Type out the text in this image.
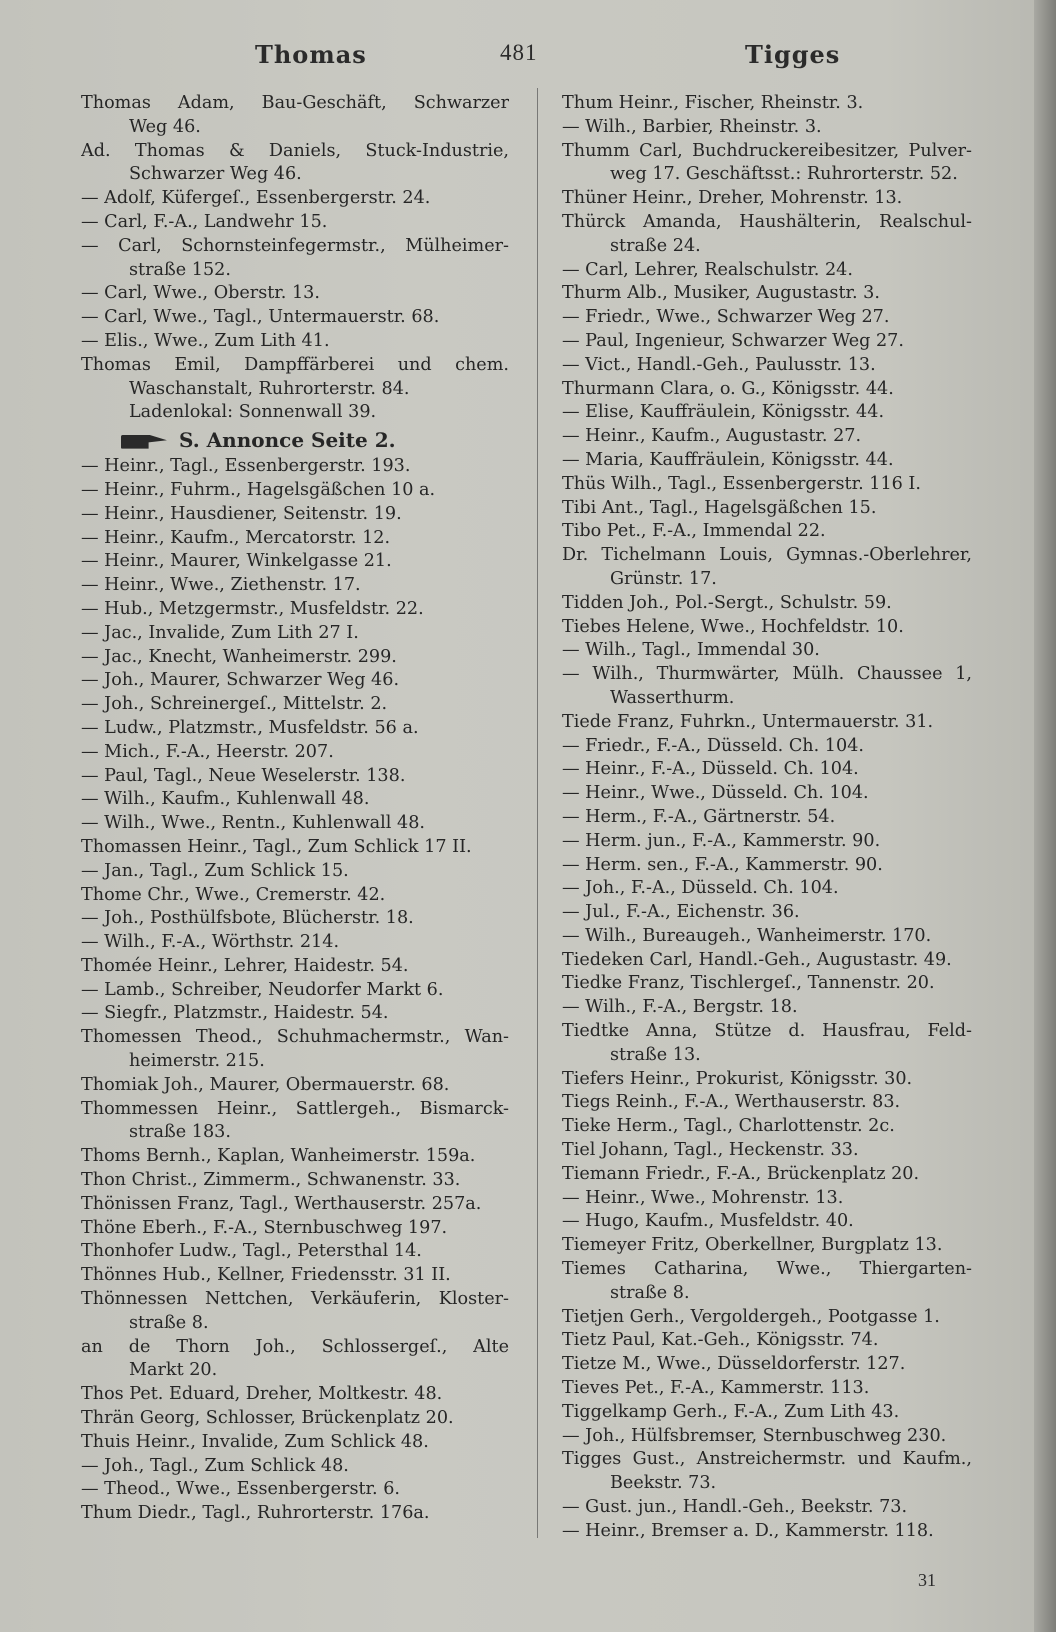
Thomas	481	Tigges
Thomas Adam, Bau-Geschäft, Schwarzer
Weg 46.
Ad. Thomas & Daniels, Stuck-Industrie,
Schwarzer Weg 46.
— Adolf, Küfergeſ., Essenbergerstr. 24.
— Carl, F.-A., Landwehr 15.
— Carl, Schornsteinfegermstr., Mülheimer-
straße 152.
— Carl, Wwe., Oberstr. 13.
— Carl, Wwe., Tagl., Untermauerstr. 68.
— Elis., Wwe., Zum Lith 41.
Thomas Emil, Dampffärberei und chem.
Waschanstalt, Ruhrorterstr. 84.
Ladenlokal: Sonnenwall 39.
S. Annonce Seite 2.
— Heinr., Tagl., Essenbergerstr. 193.
— Heinr., Fuhrm., Hagelsgäßchen 10 a.
— Heinr., Hausdiener, Seitenstr. 19.
— Heinr., Kaufm., Mercatorstr. 12.
— Heinr., Maurer, Winkelgasse 21.
— Heinr., Wwe., Ziethenstr. 17.
— Hub., Metzgermstr., Musfeldstr. 22.
— Jac., Invalide, Zum Lith 27 I.
— Jac., Knecht, Wanheimerstr. 299.
— Joh., Maurer, Schwarzer Weg 46.
— Joh., Schreinergeſ., Mittelstr. 2.
— Ludw., Platzmstr., Musfeldstr. 56 a.
— Mich., F.-A., Heerstr. 207.
— Paul, Tagl., Neue Weselerstr. 138.
— Wilh., Kaufm., Kuhlenwall 48.
— Wilh., Wwe., Rentn., Kuhlenwall 48.
Thomassen Heinr., Tagl., Zum Schlick 17 II.
— Jan., Tagl., Zum Schlick 15.
Thome Chr., Wwe., Cremerstr. 42.
— Joh., Posthülfsbote, Blücherstr. 18.
— Wilh., F.-A., Wörthstr. 214.
Thomée Heinr., Lehrer, Haidestr. 54.
— Lamb., Schreiber, Neudorfer Markt 6.
— Siegfr., Platzmstr., Haidestr. 54.
Thomessen Theod., Schuhmachermstr., Wan-
heimerstr. 215.
Thomiak Joh., Maurer, Obermauerstr. 68.
Thommessen Heinr., Sattlergeh., Bismarck-
straße 183.
Thoms Bernh., Kaplan, Wanheimerstr. 159a.
Thon Christ., Zimmerm., Schwanenstr. 33.
Thönissen Franz, Tagl., Werthauserstr. 257a.
Thöne Eberh., F.-A., Sternbuschweg 197.
Thonhofer Ludw., Tagl., Petersthal 14.
Thönnes Hub., Kellner, Friedensstr. 31 II.
Thönnessen Nettchen, Verkäuferin, Kloster-
straße 8.
an de Thorn Joh., Schlossergeſ., Alte
Markt 20.
Thos Pet. Eduard, Dreher, Moltkestr. 48.
Thrän Georg, Schlosser, Brückenplatz 20.
Thuis Heinr., Invalide, Zum Schlick 48.
— Joh., Tagl., Zum Schlick 48.
— Theod., Wwe., Essenbergerstr. 6.
Thum Diedr., Tagl., Ruhrorterstr. 176a.
Thum Heinr., Fischer, Rheinstr. 3.
— Wilh., Barbier, Rheinstr. 3.
Thumm Carl, Buchdruckereibesitzer, Pulver-
weg 17. Geschäftsst.: Ruhrorterstr. 52.
Thüner Heinr., Dreher, Mohrenstr. 13.
Thürck Amanda, Haushälterin, Realschul-
straße 24.
— Carl, Lehrer, Realschulstr. 24.
Thurm Alb., Musiker, Augustastr. 3.
— Friedr., Wwe., Schwarzer Weg 27.
— Paul, Ingenieur, Schwarzer Weg 27.
— Vict., Handl.-Geh., Paulusstr. 13.
Thurmann Clara, o. G., Königsstr. 44.
— Elise, Kauffräulein, Königsstr. 44.
— Heinr., Kaufm., Augustastr. 27.
— Maria, Kauffräulein, Königsstr. 44.
Thüs Wilh., Tagl., Essenbergerstr. 116 I.
Tibi Ant., Tagl., Hagelsgäßchen 15.
Tibo Pet., F.-A., Immendal 22.
Dr. Tichelmann Louis, Gymnas.-Oberlehrer,
Grünstr. 17.
Tidden Joh., Pol.-Sergt., Schulstr. 59.
Tiebes Helene, Wwe., Hochfeldstr. 10.
— Wilh., Tagl., Immendal 30.
— Wilh., Thurmwärter, Mülh. Chaussee 1,
Wasserthurm.
Tiede Franz, Fuhrkn., Untermauerstr. 31.
— Friedr., F.-A., Düsseld. Ch. 104.
— Heinr., F.-A., Düsseld. Ch. 104.
— Heinr., Wwe., Düsseld. Ch. 104.
— Herm., F.-A., Gärtnerstr. 54.
— Herm. jun., F.-A., Kammerstr. 90.
— Herm. sen., F.-A., Kammerstr. 90.
— Joh., F.-A., Düsseld. Ch. 104.
— Jul., F.-A., Eichenstr. 36.
— Wilh., Bureaugeh., Wanheimerstr. 170.
Tiedeken Carl, Handl.-Geh., Augustastr. 49.
Tiedke Franz, Tischlergeſ., Tannenstr. 20.
— Wilh., F.-A., Bergstr. 18.
Tiedtke Anna, Stütze d. Hausfrau, Feld-
straße 13.
Tiefers Heinr., Prokurist, Königsstr. 30.
Tiegs Reinh., F.-A., Werthauserstr. 83.
Tieke Herm., Tagl., Charlottenstr. 2c.
Tiel Johann, Tagl., Heckenstr. 33.
Tiemann Friedr., F.-A., Brückenplatz 20.
— Heinr., Wwe., Mohrenstr. 13.
— Hugo, Kaufm., Musfeldstr. 40.
Tiemeyer Fritz, Oberkellner, Burgplatz 13.
Tiemes Catharina, Wwe., Thiergarten-
straße 8.
Tietjen Gerh., Vergoldergeh., Pootgasse 1.
Tietz Paul, Kat.-Geh., Königsstr. 74.
Tietze M., Wwe., Düsseldorferstr. 127.
Tieves Pet., F.-A., Kammerstr. 113.
Tiggelkamp Gerh., F.-A., Zum Lith 43.
— Joh., Hülfsbremser, Sternbuschweg 230.
Tigges Gust., Anstreichermstr. und Kaufm.,
Beekstr. 73.
— Gust. jun., Handl.-Geh., Beekstr. 73.
— Heinr., Bremser a. D., Kammerstr. 118.
31
